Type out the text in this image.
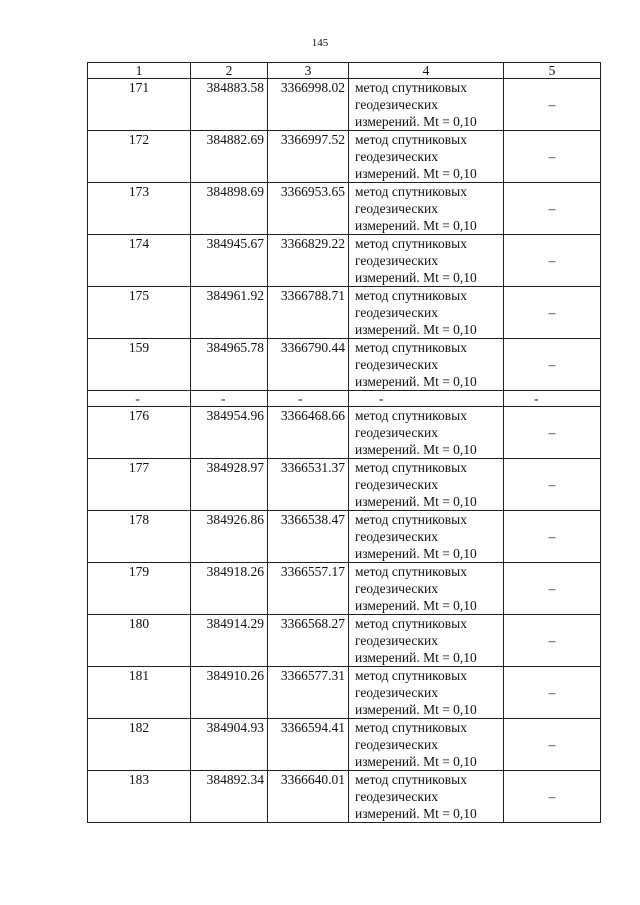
145
1	2	3	4	5
171	384883.58	3366998.02	метод спутниковых
геодезических
измерений. Mt = 0,10	–
172	384882.69	3366997.52	метод спутниковых
геодезических
измерений. Mt = 0,10	–
173	384898.69	3366953.65	метод спутниковых
геодезических
измерений. Mt = 0,10	–
174	384945.67	3366829.22	метод спутниковых
геодезических
измерений. Mt = 0,10	–
175	384961.92	3366788.71	метод спутниковых
геодезических
измерений. Mt = 0,10	–
159	384965.78	3366790.44	метод спутниковых
геодезических
измерений. Mt = 0,10	–
-	-	-	-	-
176	384954.96	3366468.66	метод спутниковых
геодезических
измерений. Mt = 0,10	–
177	384928.97	3366531.37	метод спутниковых
геодезических
измерений. Mt = 0,10	–
178	384926.86	3366538.47	метод спутниковых
геодезических
измерений. Mt = 0,10	–
179	384918.26	3366557.17	метод спутниковых
геодезических
измерений. Mt = 0,10	–
180	384914.29	3366568.27	метод спутниковых
геодезических
измерений. Mt = 0,10	–
181	384910.26	3366577.31	метод спутниковых
геодезических
измерений. Mt = 0,10	–
182	384904.93	3366594.41	метод спутниковых
геодезических
измерений. Mt = 0,10	–
183	384892.34	3366640.01	метод спутниковых
геодезических
измерений. Mt = 0,10	–
